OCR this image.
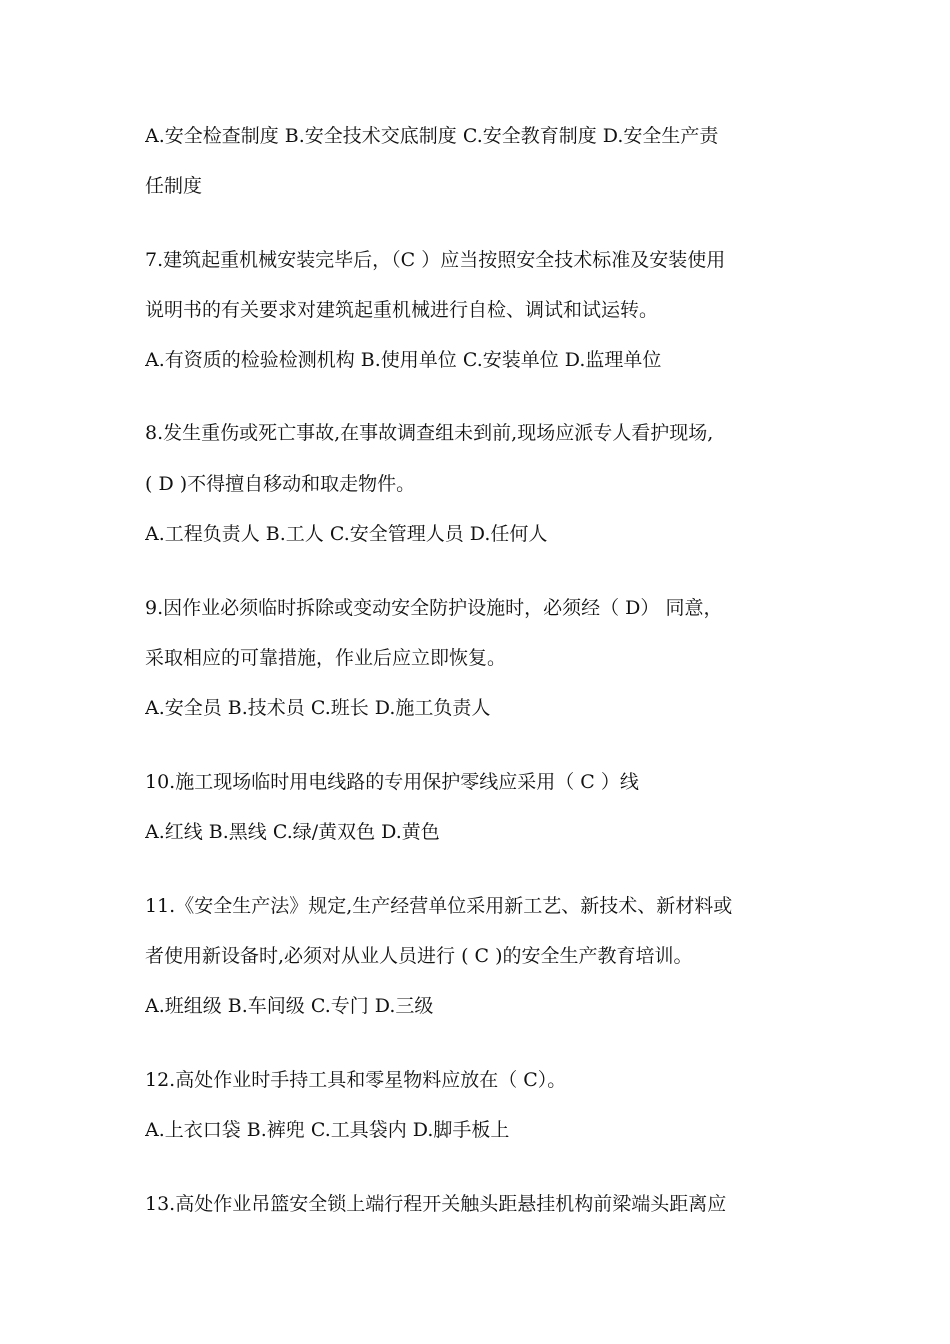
A.安全检查制度 B.安全技术交底制度 C.安全教育制度 D.安全生产责
任制度
7.建筑起重机械安装完毕后，（C ）应当按照安全技术标准及安装使用
说明书的有关要求对建筑起重机械进行自检、调试和试运转。
A.有资质的检验检测机构 B.使用单位 C.安装单位 D.监理单位
8.发生重伤或死亡事故,在事故调查组未到前,现场应派专人看护现场,
( D )不得擅自移动和取走物件。
A.工程负责人 B.工人 C.安全管理人员 D.任何人
9.因作业必须临时拆除或变动安全防护设施时，必须经（ D） 同意，
采取相应的可靠措施，作业后应立即恢复。
A.安全员 B.技术员 C.班长 D.施工负责人
10.施工现场临时用电线路的专用保护零线应采用（ C ）线
A.红线 B.黑线 C.绿/黄双色 D.黄色
11.《安全生产法》规定,生产经营单位采用新工艺、新技术、新材料或
者使用新设备时,必须对从业人员进行 ( C )的安全生产教育培训。
A.班组级 B.车间级 C.专门 D.三级
12.高处作业时手持工具和零星物料应放在（ C）。
A.上衣口袋 B.裤兜 C.工具袋内 D.脚手板上
13.高处作业吊篮安全锁上端行程开关触头距悬挂机构前梁端头距离应
